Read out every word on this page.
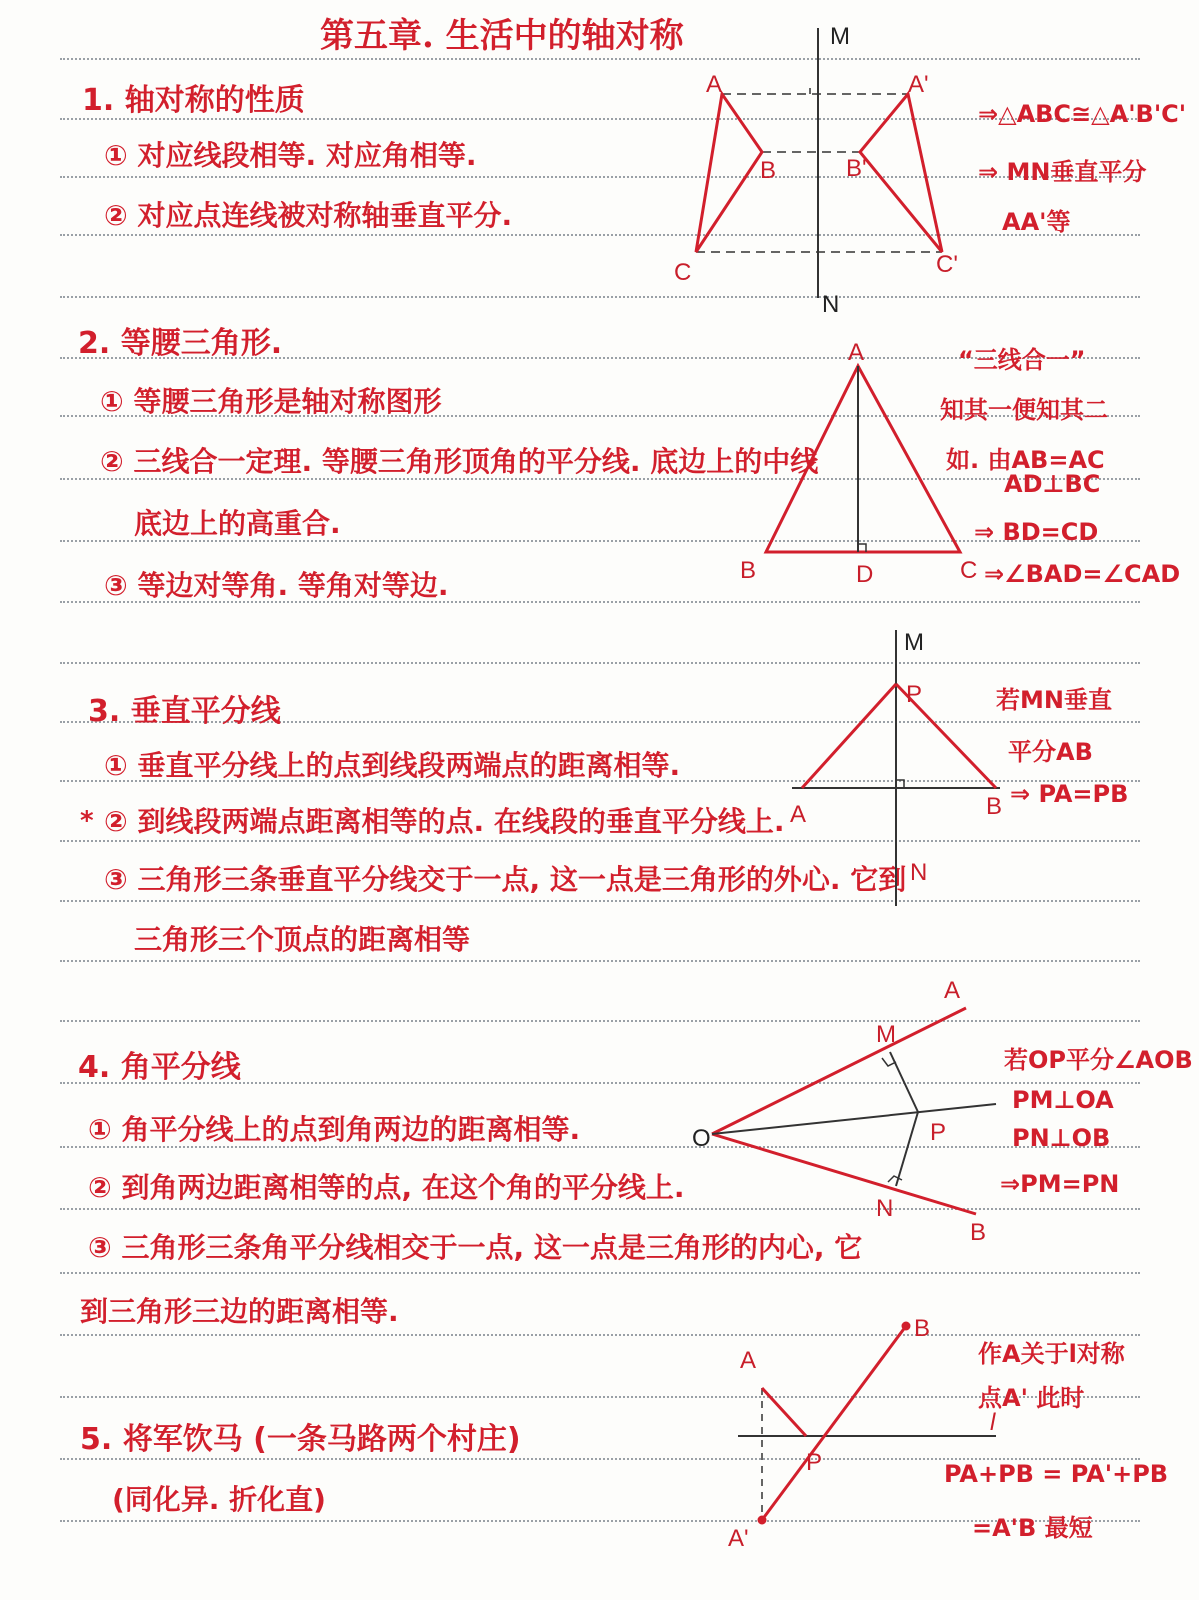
第五章. 生活中的轴对称
1. 轴对称的性质
① 对应线段相等. 对应角相等.
② 对应点连线被对称轴垂直平分.
⇒△ABC≅△A'B'C'
⇒ MN垂直平分
AA'等
2. 等腰三角形.
① 等腰三角形是轴对称图形
② 三线合一定理. 等腰三角形顶角的平分线. 底边上的中线
底边上的高重合.
③ 等边对等角. 等角对等边.
“三线合一”
知其一便知其二
如. 由AB=AC
AD⊥BC
⇒ BD=CD
⇒∠BAD=∠CAD
3. 垂直平分线
① 垂直平分线上的点到线段两端点的距离相等.
* ② 到线段两端点距离相等的点. 在线段的垂直平分线上.
③ 三角形三条垂直平分线交于一点, 这一点是三角形的外心. 它到
三角形三个顶点的距离相等
若MN垂直
平分AB
⇒ PA=PB
4. 角平分线
① 角平分线上的点到角两边的距离相等.
② 到角两边距离相等的点, 在这个角的平分线上.
③ 三角形三条角平分线相交于一点, 这一点是三角形的内心, 它
到三角形三边的距离相等.
若OP平分∠AOB
PM⊥OA
PN⊥OB
⇒PM=PN
5. 将军饮马 (一条马路两个村庄)
(同化异. 折化直)
作A关于l对称
点A' 此时
PA+PB = PA'+PB
=A'B 最短
A	A'
B	B'
C	C'
M
N
A
B	C
D
M
P
A	B
N
O
A
B
M
N
P
A
A'
B
P
l
